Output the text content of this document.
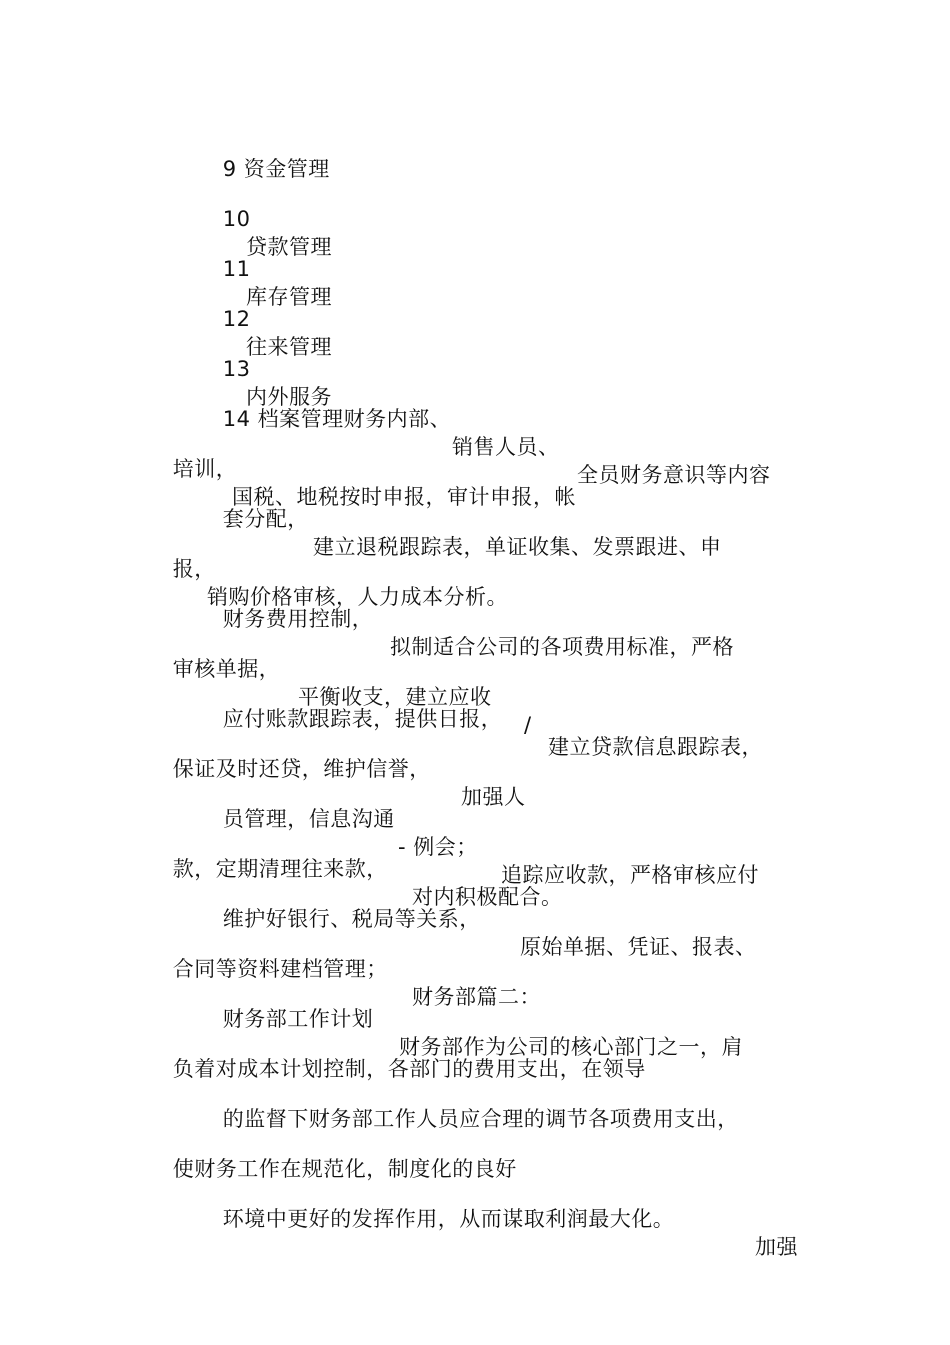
9 资金管理

10

贷款管理

11

库存管理

12

往来管理

13

内外服务

14 档案管理财务内部、

销售人员、

全员财务意识等内容

培训，

国税、地税按时申报，审计申报，帐

套分配，

建立退税跟踪表，单证收集、发票跟进、申

报，

销购价格审核，人力成本分析。

财务费用控制，

拟制适合公司的各项费用标准，严格

审核单据，

平衡收支，建立应收

/

应付账款跟踪表，提供日报，

建立贷款信息跟踪表，

保证及时还贷，维护信誉，

加强人

员管理，信息沟通

- 例会；

追踪应收款，严格审核应付

款，定期清理往来款，

对内积极配合。

维护好银行、税局等关系，

原始单据、凭证、报表、

合同等资料建档管理；

财务部篇二：

财务部工作计划

财务部作为公司的核心部门之一，肩

负着对成本计划控制，各部门的费用支出，在领导

的监督下财务部工作人员应合理的调节各项费用支出，

使财务工作在规范化，制度化的良好

环境中更好的发挥作用，从而谋取利润最大化。

加强
